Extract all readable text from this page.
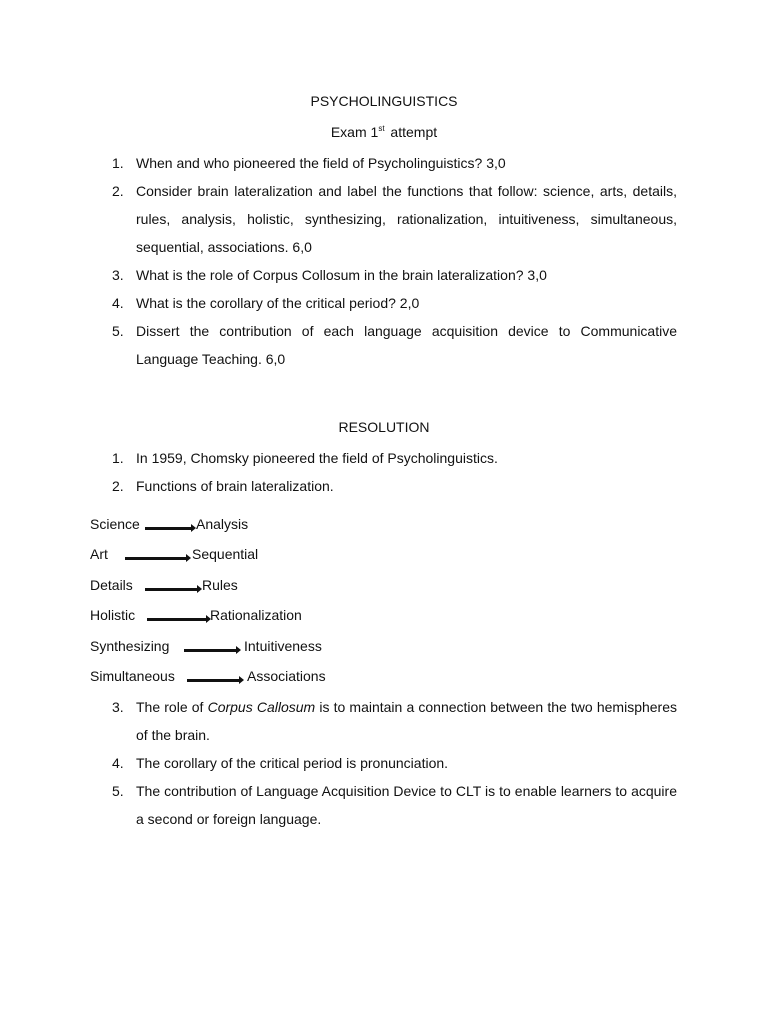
PSYCHOLINGUISTICS
Exam 1st attempt
1. When and who pioneered the field of Psycholinguistics? 3,0
2. Consider brain lateralization and label the functions that follow: science, arts, details, rules, analysis, holistic, synthesizing, rationalization, intuitiveness, simultaneous, sequential, associations. 6,0
3. What is the role of Corpus Collosum in the brain lateralization? 3,0
4. What is the corollary of the critical period? 2,0
5. Dissert the contribution of each language acquisition device to Communicative Language Teaching. 6,0
RESOLUTION
1. In 1959, Chomsky pioneered the field of Psycholinguistics.
2. Functions of brain lateralization.
Science	Analysis
Art	Sequential
Details	Rules
Holistic	Rationalization
Synthesizing	Intuitiveness
Simultaneous	Associations
3. The role of Corpus Callosum is to maintain a connection between the two hemispheres of the brain.
4. The corollary of the critical period is pronunciation.
5. The contribution of Language Acquisition Device to CLT is to enable learners to acquire a second or foreign language.
